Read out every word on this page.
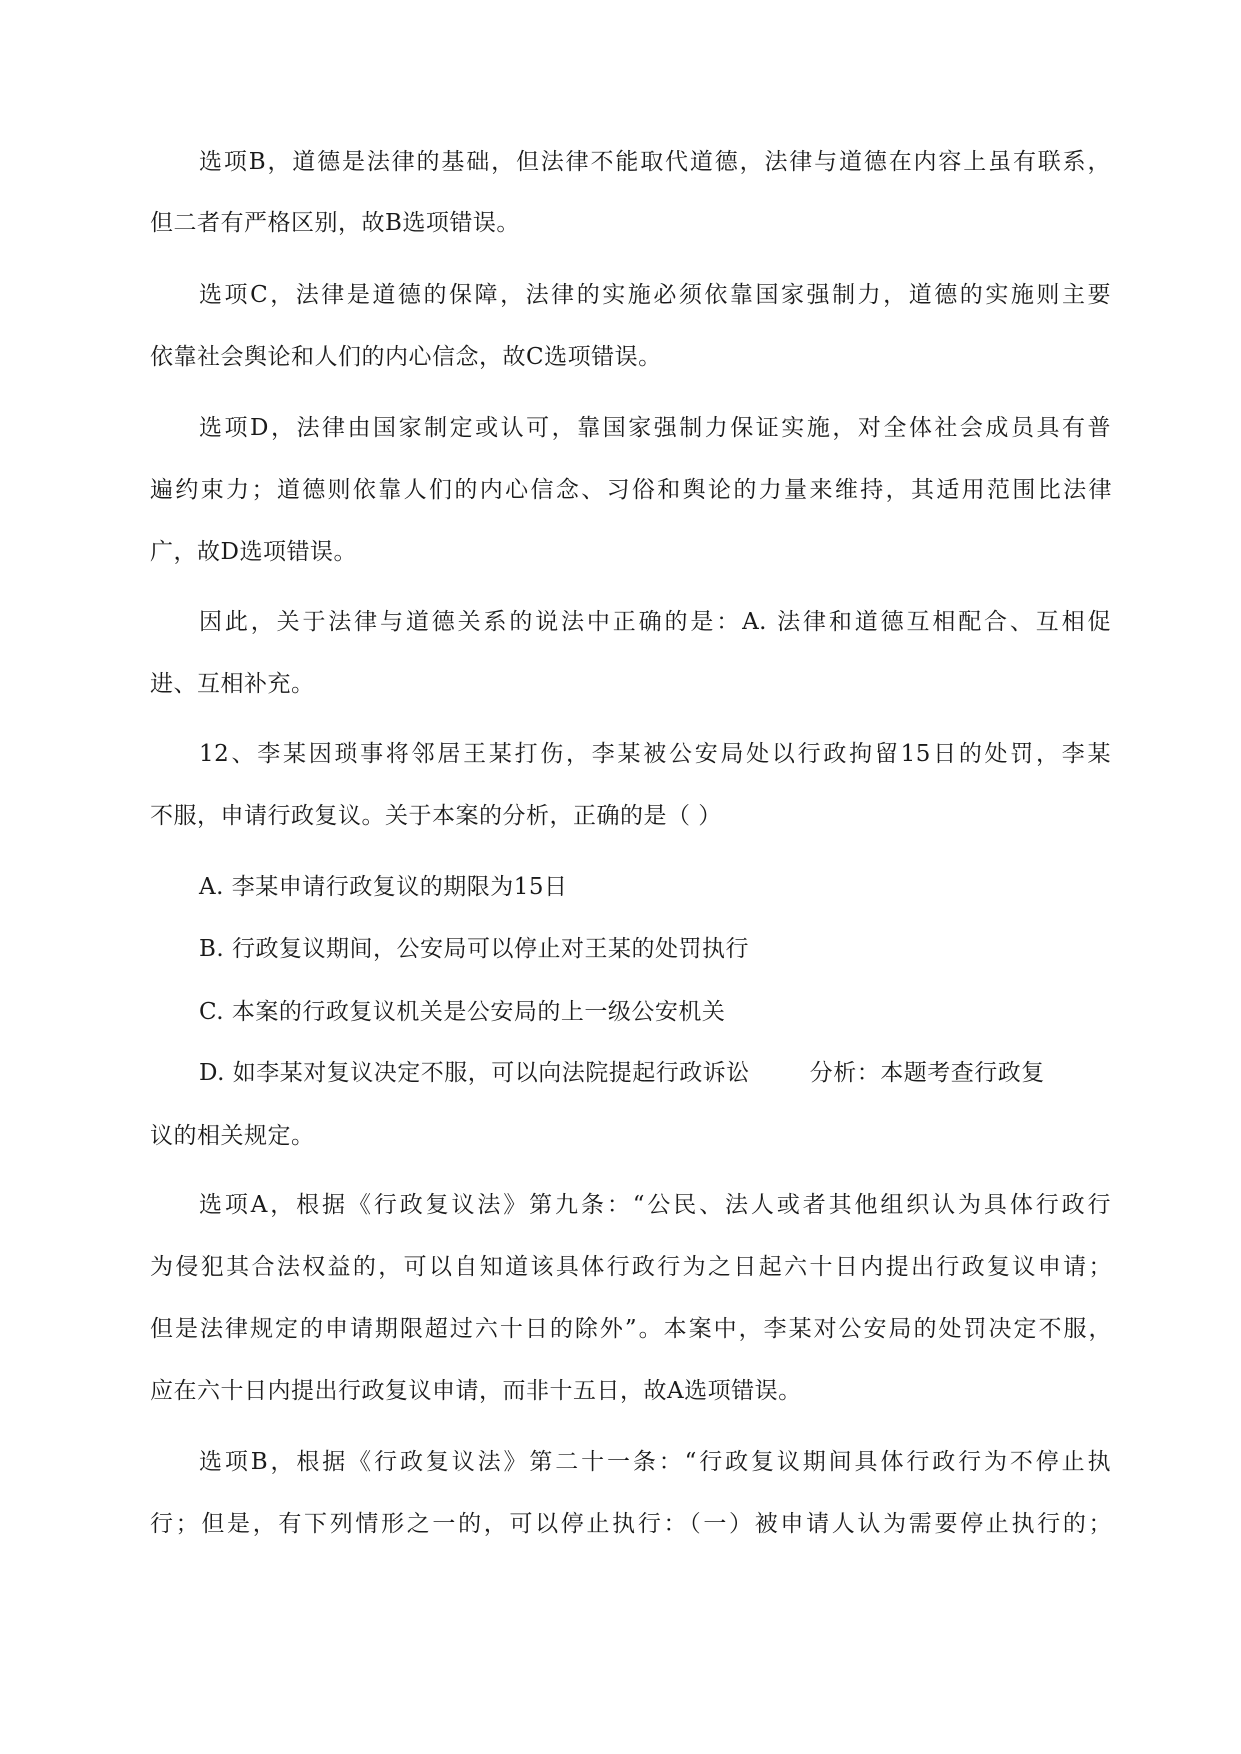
选项B，道德是法律的基础，但法律不能取代道德，法律与道德在内容上虽有联系，
但二者有严格区别，故B选项错误。
选项C，法律是道德的保障，法律的实施必须依靠国家强制力，道德的实施则主要
依靠社会舆论和人们的内心信念，故C选项错误。
选项D，法律由国家制定或认可，靠国家强制力保证实施，对全体社会成员具有普
遍约束力；道德则依靠人们的内心信念、习俗和舆论的力量来维持，其适用范围比法律
广，故D选项错误。
因此，关于法律与道德关系的说法中正确的是：A. 法律和道德互相配合、互相促
进、互相补充。
12、李某因琐事将邻居王某打伤，李某被公安局处以行政拘留15日的处罚，李某
不服，申请行政复议。关于本案的分析，正确的是（ ）
A. 李某申请行政复议的期限为15日
B. 行政复议期间，公安局可以停止对王某的处罚执行
C. 本案的行政复议机关是公安局的上一级公安机关
D. 如李某对复议决定不服，可以向法院提起行政诉讼	分析：本题考查行政复
议的相关规定。
选项A，根据《行政复议法》第九条：“公民、法人或者其他组织认为具体行政行
为侵犯其合法权益的，可以自知道该具体行政行为之日起六十日内提出行政复议申请；
但是法律规定的申请期限超过六十日的除外”。本案中，李某对公安局的处罚决定不服，
应在六十日内提出行政复议申请，而非十五日，故A选项错误。
选项B，根据《行政复议法》第二十一条：“行政复议期间具体行政行为不停止执
行；但是，有下列情形之一的，可以停止执行：（一）被申请人认为需要停止执行的；
